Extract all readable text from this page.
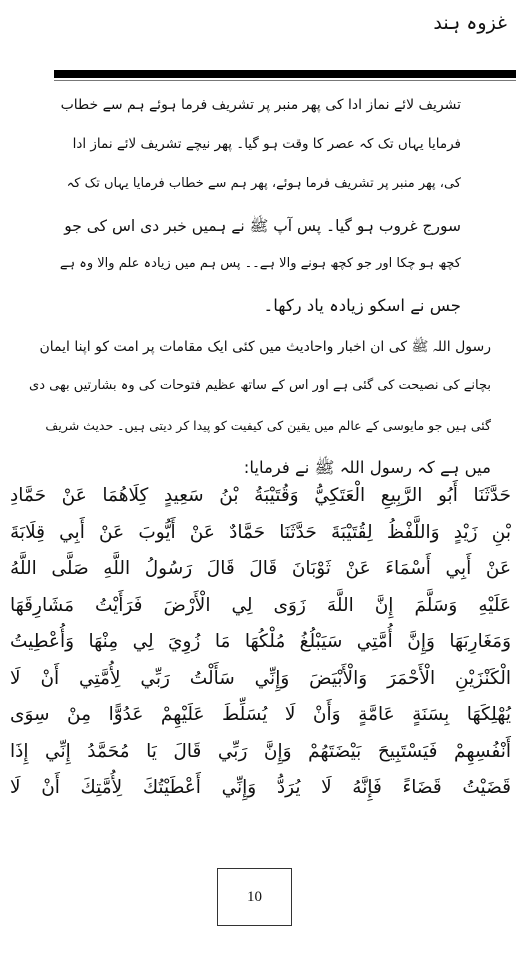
غزوہ ہند
تشریف لائے نماز ادا کی پھر منبر پر تشریف فرما ہوئے ہم سے خطاب
فرمایا یہاں تک کہ عصر کا وقت ہو گیا۔ پھر نیچے تشریف لائے نماز ادا
کی، پھر منبر پر تشریف فرما ہوئے، پھر ہم سے خطاب فرمایا یہاں تک کہ
سورج غروب ہو گیا۔ پس آپ ﷺ نے ہمیں خبر دی اس کی جو
کچھ ہو چکا اور جو کچھ ہونے والا ہے۔۔ پس ہم میں زیادہ علم والا وہ ہے
جس نے اسکو زیادہ یاد رکھا۔
رسول اللہ ﷺ کی ان اخبار واحادیث میں کئی ایک مقامات پر امت کو اپنا ایمان
بچانے کی نصیحت کی گئی ہے اور اس کے ساتھ عظیم فتوحات کی وہ بشارتیں بھی دی
گئی ہیں جو مایوسی کے عالم میں یقین کی کیفیت کو پیدا کر دیتی ہیں۔ حدیث شریف
میں ہے کہ رسول اللہ ﷺ نے فرمایا:
حَدَّثَنَا أَبُو الرَّبِيعِ الْعَتَكِيُّ وَقُتَيْبَةُ بْنُ سَعِيدٍ كِلَاهُمَا عَنْ حَمَّادِ
بْنِ زَيْدٍ وَاللَّفْظُ لِقُتَيْبَةَ حَدَّثَنَا حَمَّادٌ عَنْ أَيُّوبَ عَنْ أَبِي قِلَابَةَ
عَنْ أَبِي أَسْمَاءَ عَنْ ثَوْبَانَ قَالَ قَالَ رَسُولُ اللَّهِ صَلَّى اللَّهُ
عَلَيْهِ وَسَلَّمَ إِنَّ اللَّهَ زَوَى لِي الْأَرْضَ فَرَأَيْتُ مَشَارِقَهَا
وَمَغَارِبَهَا وَإِنَّ أُمَّتِي سَيَبْلُغُ مُلْكُهَا مَا زُوِيَ لِي مِنْهَا وَأُعْطِيتُ
الْكَنْزَيْنِ الْأَحْمَرَ وَالْأَبْيَضَ وَإِنِّي سَأَلْتُ رَبِّي لِأُمَّتِي أَنْ لَا
يُهْلِكَهَا بِسَنَةٍ عَامَّةٍ وَأَنْ لَا يُسَلِّطَ عَلَيْهِمْ عَدُوًّا مِنْ سِوَى
أَنْفُسِهِمْ فَيَسْتَبِيحَ بَيْضَتَهُمْ وَإِنَّ رَبِّي قَالَ يَا مُحَمَّدُ إِنِّي إِذَا
قَضَيْتُ قَضَاءً فَإِنَّهُ لَا يُرَدُّ وَإِنِّي أَعْطَيْتُكَ لِأُمَّتِكَ أَنْ لَا
10
